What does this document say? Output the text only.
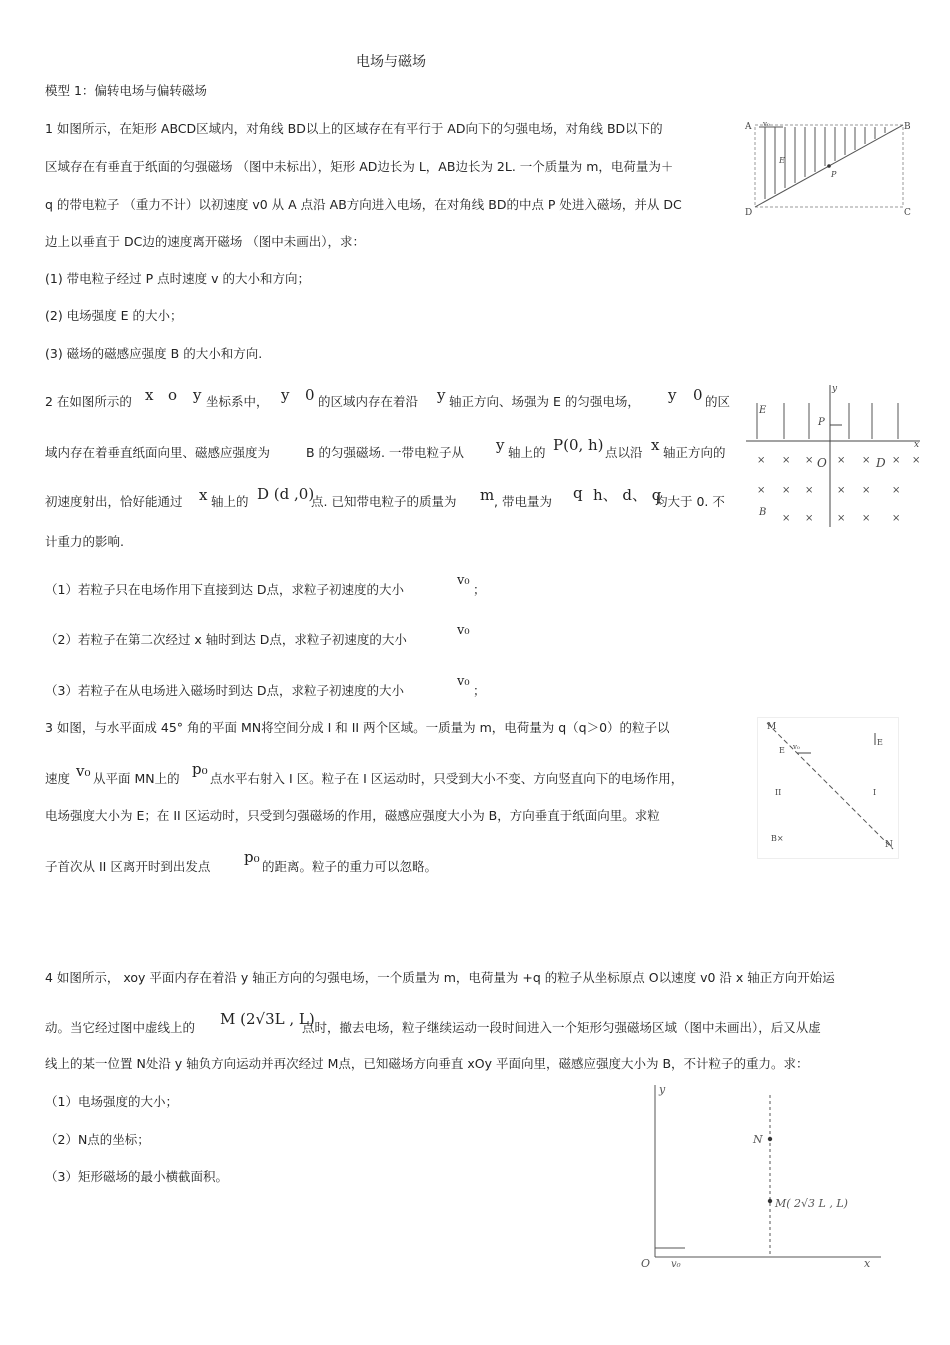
电场与磁场
模型 1：偏转电场与偏转磁场
1 如图所示，在矩形 ABCD区域内，对角线 BD以上的区域存在有平行于 AD向下的匀强电场，对角线 BD以下的
区域存在有垂直于纸面的匀强磁场 （图中未标出），矩形 AD边长为 L，AB边长为 2L. 一个质量为 m，电荷量为＋
q 的带电粒子 （重力不计）以初速度 v0 从 A 点沿 AB方向进入电场，在对角线 BD的中点 P 处进入磁场，并从 DC
边上以垂直于 DC边的速度离开磁场 （图中未画出），求：
(1) 带电粒子经过 P 点时速度 v 的大小和方向；
(2) 电场强度 E 的大小；
(3) 磁场的磁感应强度 B 的大小和方向.
A	B
C
D
E
P
v₀
2 在如图所示的 x o y 坐标系中， y 0 的区域内存在着沿 y 轴正方向、场强为 E 的匀强电场， y 0 的区
域内存在着垂直纸面向里、磁感应强度为	B 的匀强磁场. 一带电粒子从 y 轴上的 P(0, h) 点以沿 x 轴正方向的
初速度射出，恰好能通过 x 轴上的 D (d ,0)
点. 已知带电粒子的质量为 m , 带电量为 q h、 d、 q
均大于 0. 不
计重力的影响.
（1）若粒子只在电场作用下直接到达 D点，求粒子初速度的大小
v₀
；
（2）若粒子在第二次经过 x 轴时到达 D点，求粒子初速度的大小
v₀
（3）若粒子在从电场进入磁场时到达 D点，求粒子初速度的大小
v₀
；
× × × × × × ×
× × × × × ×
× × × × ×
E
P
O	D
B
x
y
3 如图，与水平面成 45° 角的平面 MN将空间分成 I 和 II 两个区域。一质量为 m，电荷量为 q（q＞0）的粒子以
速度 v₀ 从平面 MN上的
p₀
点水平右射入 I 区。粒子在 I 区运动时，只受到大小不变、方向竖直向下的电场作用，
电场强度大小为 E；在 II 区运动时，只受到匀强磁场的作用，磁感应强度大小为 B，方向垂直于纸面向里。求粒
子首次从 II 区离开时到出发点
p₀
的距离。粒子的重力可以忽略。
M
N
E
E
v₀
II	I
B×
4 如图所示， xoy 平面内存在着沿 y 轴正方向的匀强电场，一个质量为 m，电荷量为 +q 的粒子从坐标原点 O以速度 v0 沿 x 轴正方向开始运
动。当它经过图中虚线上的 M (2√3L , L)
点时，撤去电场，粒子继续运动一段时间进入一个矩形匀强磁场区域（图中未画出），后又从虚
线上的某一位置 N处沿 y 轴负方向运动并再次经过 M点，已知磁场方向垂直 xOy 平面向里，磁感应强度大小为 B，不计粒子的重力。求：
（1）电场强度的大小；
（2）N点的坐标；
（3）矩形磁场的最小横截面积。
O
y
x
v₀
N
M( 2√3 L , L)
